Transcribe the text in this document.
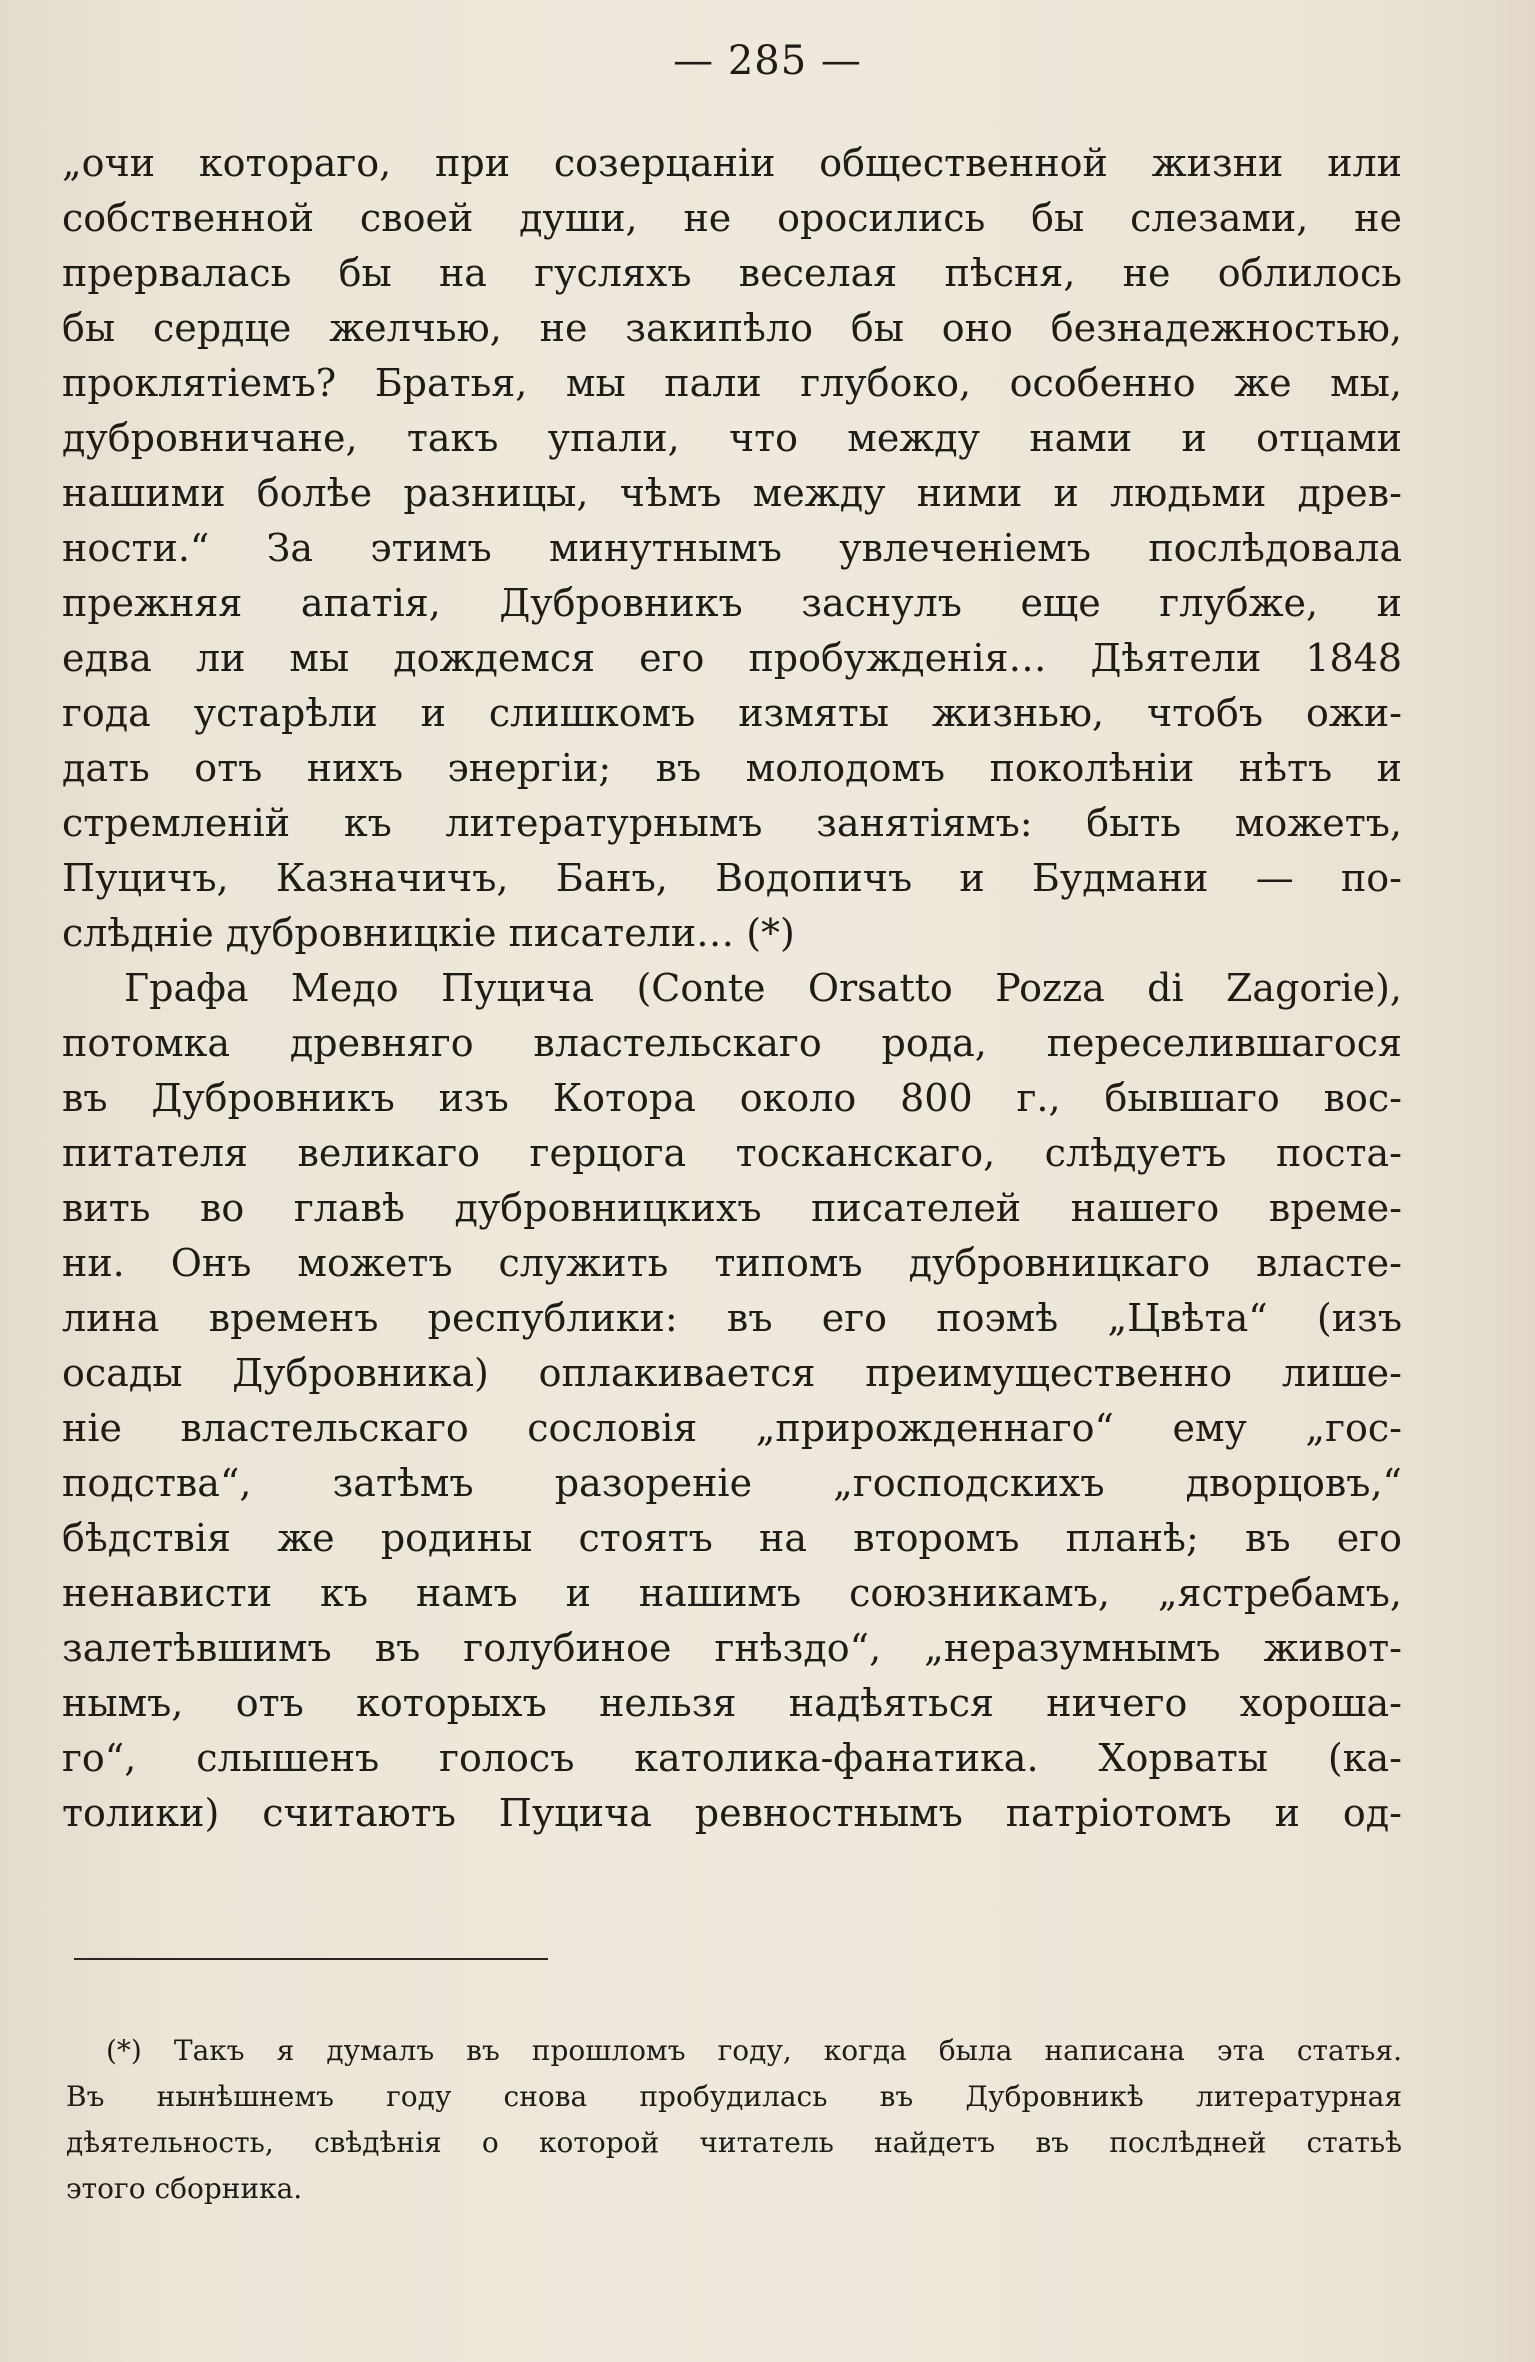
— 285 —
„очи котораго, при созерцанiи общественной жизни или
собственной своей души, не оросились бы слезами, не
прервалась бы на гусляхъ веселая пѣсня, не облилось
бы сердце желчью, не закипѣло бы оно безнадежностью,
проклятiемъ? Братья, мы пали глубоко, особенно же мы,
дубровничане, такъ упали, что между нами и отцами
нашими болѣе разницы, чѣмъ между ними и людьми древ-
ности.“ За этимъ минутнымъ увлеченiемъ послѣдовала
прежняя апатiя, Дубровникъ заснулъ еще глубже, и
едва ли мы дождемся его пробужденiя… Дѣятели 1848
года устарѣли и слишкомъ измяты жизнью, чтобъ ожи-
дать отъ нихъ энергiи; въ молодомъ поколѣнiи нѣтъ и
стремленiй къ литературнымъ занятiямъ: быть можетъ,
Пуцичъ, Казначичъ, Банъ, Водопичъ и Будмани — по-
слѣднiе дубровницкiе писатели… (*)
Графа Медо Пуцича (Conte Orsatto Pozza di Zagorie),
потомка древняго властельскаго рода, переселившагося
въ Дубровникъ изъ Котора около 800 г., бывшаго вос-
питателя великаго герцога тосканскаго, слѣдуетъ поста-
вить во главѣ дубровницкихъ писателей нашего време-
ни. Онъ можетъ служить типомъ дубровницкаго власте-
лина временъ республики: въ его поэмѣ „Цвѣта“ (изъ
осады Дубровника) оплакивается преимущественно лише-
нiе властельскаго сословiя „прирожденнаго“ ему „гос-
подства“, затѣмъ разоренiе „господскихъ дворцовъ,“
бѣдствiя же родины стоятъ на второмъ планѣ; въ его
ненависти къ намъ и нашимъ союзникамъ, „ястребамъ,
залетѣвшимъ въ голубиное гнѣздо“, „неразумнымъ живот-
нымъ, отъ которыхъ нельзя надѣяться ничего хороша-
го“, слышенъ голосъ католика-фанатика. Хорваты (ка-
толики) считаютъ Пуцича ревностнымъ патрiотомъ и од-
(*) Такъ я думалъ въ прошломъ году, когда была написана эта статья.
Въ нынѣшнемъ году снова пробудилась въ Дубровникѣ литературная
дѣятельность, свѣдѣнiя о которой читатель найдетъ въ послѣдней статьѣ
этого сборника.
